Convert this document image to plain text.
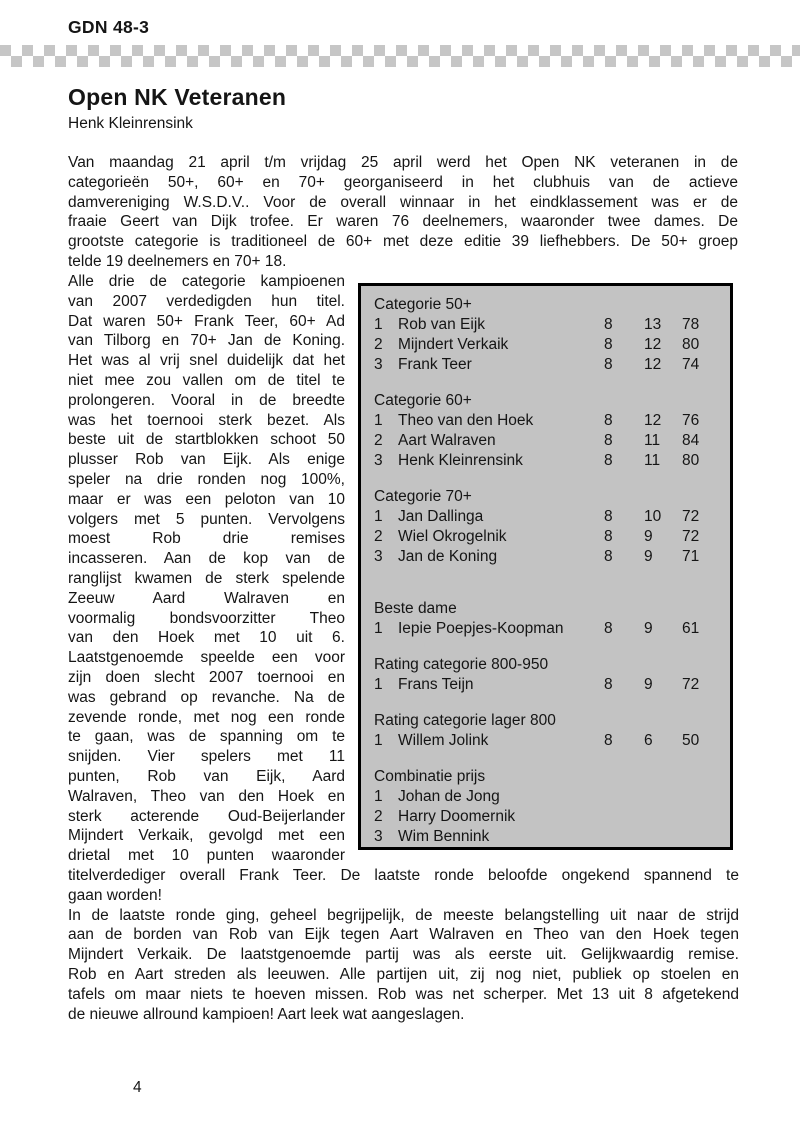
GDN 48-3
Open NK Veteranen
Henk Kleinrensink
Van maandag 21 april t/m vrijdag 25 april werd het Open NK veteranen in de
categorieën 50+, 60+ en 70+ georganiseerd in het clubhuis van de actieve
damvereniging W.S.D.V.. Voor de overall winnaar in het eindklassement was er de
fraaie Geert van Dijk trofee. Er waren 76 deelnemers, waaronder twee dames. De
grootste categorie is traditioneel de 60+ met deze editie 39 liefhebbers. De 50+ groep
telde 19 deelnemers en 70+ 18.
Alle drie de categorie kampioenen
van 2007 verdedigden hun titel.
Dat waren 50+ Frank Teer, 60+ Ad
van Tilborg en 70+ Jan de Koning.
Het was al vrij snel duidelijk dat het
niet mee zou vallen om de titel te
prolongeren. Vooral in de breedte
was het toernooi sterk bezet. Als
beste uit de startblokken schoot 50
plusser Rob van Eijk. Als enige
speler na drie ronden nog 100%,
maar er was een peloton van 10
volgers met 5 punten. Vervolgens
moest Rob drie remises
incasseren. Aan de kop van de
ranglijst kwamen de sterk spelende
Zeeuw Aard Walraven en
voormalig bondsvoorzitter Theo
van den Hoek met 10 uit 6.
Laatstgenoemde speelde een voor
zijn doen slecht 2007 toernooi en
was gebrand op revanche. Na de
zevende ronde, met nog een ronde
te gaan, was de spanning om te
snijden. Vier spelers met 11
punten, Rob van Eijk, Aard
Walraven, Theo van den Hoek en
sterk acterende Oud-Beijerlander
Mijndert Verkaik, gevolgd met een
drietal met 10 punten waaronder
Categorie 50+
1 Rob van Eijk	8	13	78
2 Mijndert Verkaik	8	12	80
3 Frank Teer	8	12	74
Categorie 60+
1 Theo van den Hoek	8	12	76
2 Aart Walraven	8	11	84
3 Henk Kleinrensink	8	11	80
Categorie 70+
1 Jan Dallinga	8	10	72
2 Wiel Okrogelnik	8	9	72
3 Jan de Koning	8	9	71
Beste dame
1 Iepie Poepjes-Koopman	8	9	61
Rating categorie 800-950
1 Frans Teijn	8	9	72
Rating categorie lager 800
1 Willem Jolink	8	6	50
Combinatie prijs
1 Johan de Jong
2 Harry Doomernik
3 Wim Bennink
titelverdediger overall Frank Teer. De laatste ronde beloofde ongekend spannend te
gaan worden!
In de laatste ronde ging, geheel begrijpelijk, de meeste belangstelling uit naar de strijd
aan de borden van Rob van Eijk tegen Aart Walraven en Theo van den Hoek tegen
Mijndert Verkaik. De laatstgenoemde partij was als eerste uit. Gelijkwaardig remise.
Rob en Aart streden als leeuwen. Alle partijen uit, zij nog niet, publiek op stoelen en
tafels om maar niets te hoeven missen. Rob was net scherper. Met 13 uit 8 afgetekend
de nieuwe allround kampioen! Aart leek wat aangeslagen.
4
